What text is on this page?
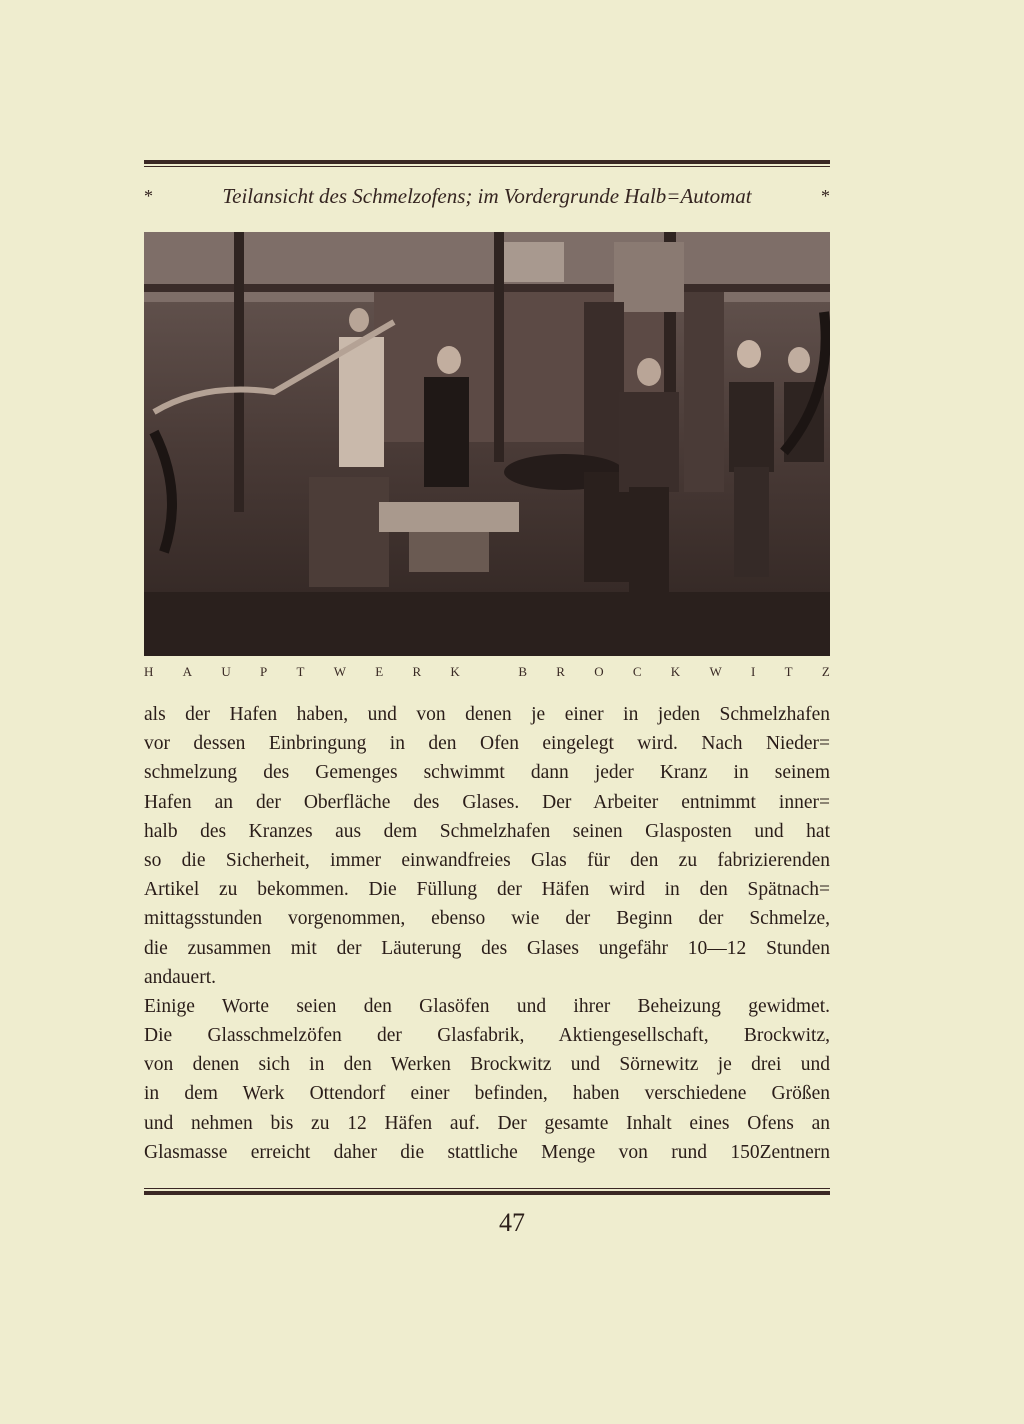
*	Teilansicht des Schmelzofens; im Vordergrunde Halb=Automat	*
H A U P T W E R K	B R O C K W I T Z
als der Hafen haben, und von denen je einer in jeden Schmelzhafen
vor dessen Einbringung in den Ofen eingelegt wird. Nach Nieder=
schmelzung des Gemenges schwimmt dann jeder Kranz in seinem
Hafen an der Oberfläche des Glases. Der Arbeiter entnimmt inner=
halb des Kranzes aus dem Schmelzhafen seinen Glasposten und hat
so die Sicherheit, immer einwandfreies Glas für den zu fabrizierenden
Artikel zu bekommen. Die Füllung der Häfen wird in den Spätnach=
mittagsstunden vorgenommen, ebenso wie der Beginn der Schmelze,
die zusammen mit der Läuterung des Glases ungefähr 10—12 Stunden
andauert.
Einige Worte seien den Glasöfen und ihrer Beheizung gewidmet.
Die Glasschmelzöfen der Glasfabrik, Aktiengesellschaft, Brockwitz,
von denen sich in den Werken Brockwitz und Sörnewitz je drei und
in dem Werk Ottendorf einer befinden, haben verschiedene Größen
und nehmen bis zu 12 Häfen auf. Der gesamte Inhalt eines Ofens an
Glasmasse erreicht daher die stattliche Menge von rund 150Zentnern
47
